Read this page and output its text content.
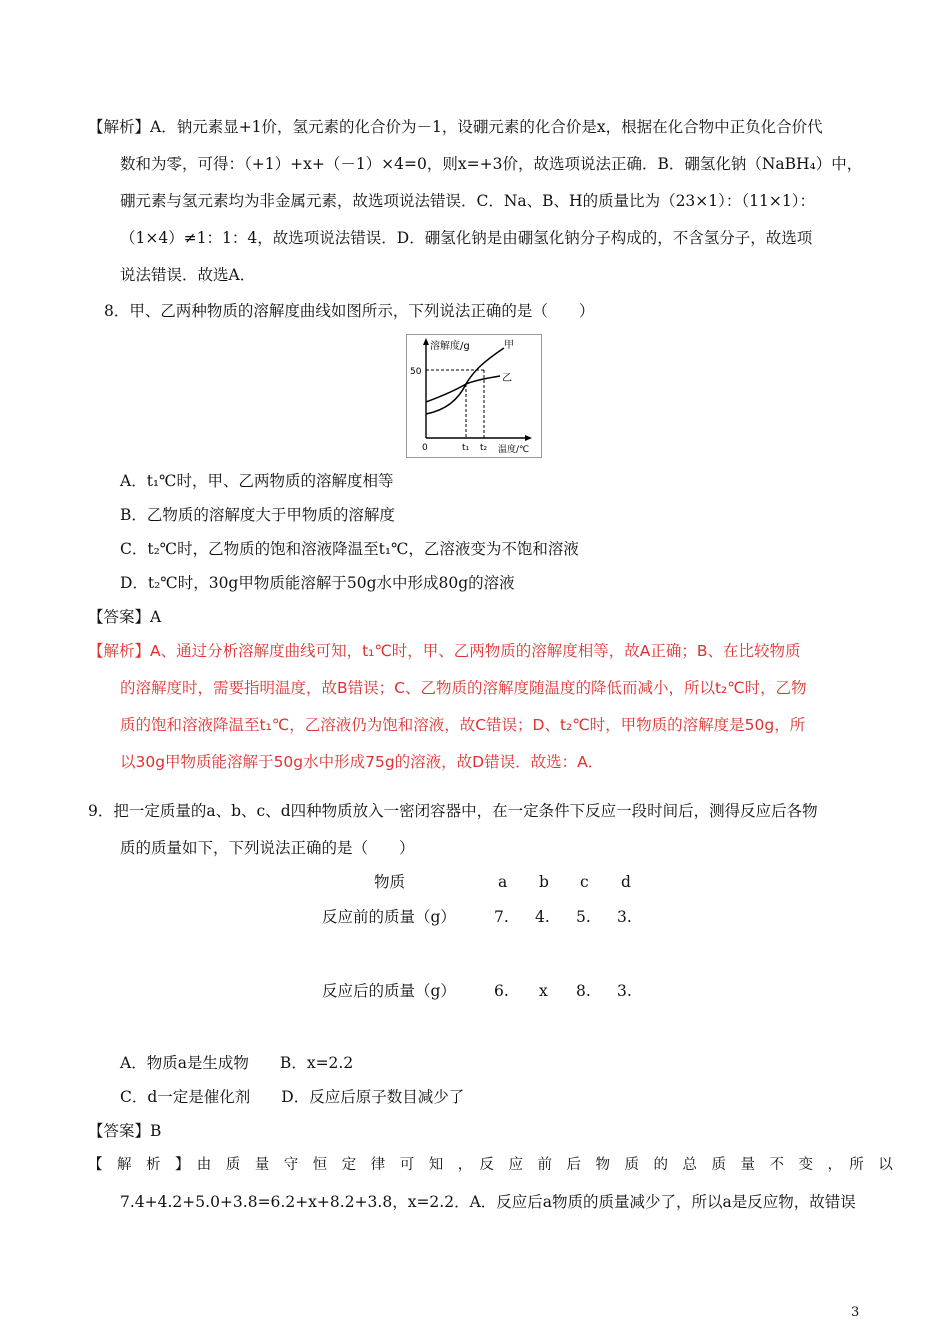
【解析】A．钠元素显+1价，氢元素的化合价为－1，设硼元素的化合价是x，根据在化合物中正负化合价代
数和为零，可得：（+1）+x+（－1）×4=0，则x=+3价，故选项说法正确．B．硼氢化钠（NaBH₄）中，
硼元素与氢元素均为非金属元素，故选项说法错误．C．Na、B、H的质量比为（23×1）：（11×1）：
（1×4）≠1：1：4，故选项说法错误．D．硼氢化钠是由硼氢化钠分子构成的，不含氢分子，故选项
说法错误．故选A．
8．甲、乙两种物质的溶解度曲线如图所示，下列说法正确的是（　　）
溶解度/g
50
0	t₁ t₂ 温度/℃
甲
乙
A．t₁℃时，甲、乙两物质的溶解度相等
B．乙物质的溶解度大于甲物质的溶解度
C．t₂℃时，乙物质的饱和溶液降温至t₁℃，乙溶液变为不饱和溶液
D．t₂℃时，30g甲物质能溶解于50g水中形成80g的溶液
【答案】A
【解析】A、通过分析溶解度曲线可知，t₁℃时，甲、乙两物质的溶解度相等，故A正确；B、在比较物质
的溶解度时，需要指明温度，故B错误；C、乙物质的溶解度随温度的降低而减小，所以t₂℃时，乙物
质的饱和溶液降温至t₁℃，乙溶液仍为饱和溶液，故C错误；D、t₂℃时，甲物质的溶解度是50g，所
以30g甲物质能溶解于50g水中形成75g的溶液，故D错误．故选：A．
9．把一定质量的a、b、c、d四种物质放入一密闭容器中，在一定条件下反应一段时间后，测得反应后各物
质的质量如下，下列说法正确的是（　　）
物质	a b c d
反应前的质量（g） 7. 4. 5. 3.
反应后的质量（g） 6. x 8. 3.
A．物质a是生成物　　B．x=2.2
C．d一定是催化剂　　D．反应后原子数目减少了
【答案】B
【　解　析　】　由　质　量　守　恒　定　律　可　知　，　反　应　前　后　物　质　的　总　质　量　不　变　，　所　以
7.4+4.2+5.0+3.8=6.2+x+8.2+3.8，x=2.2．A．反应后a物质的质量减少了，所以a是反应物，故错误
3
